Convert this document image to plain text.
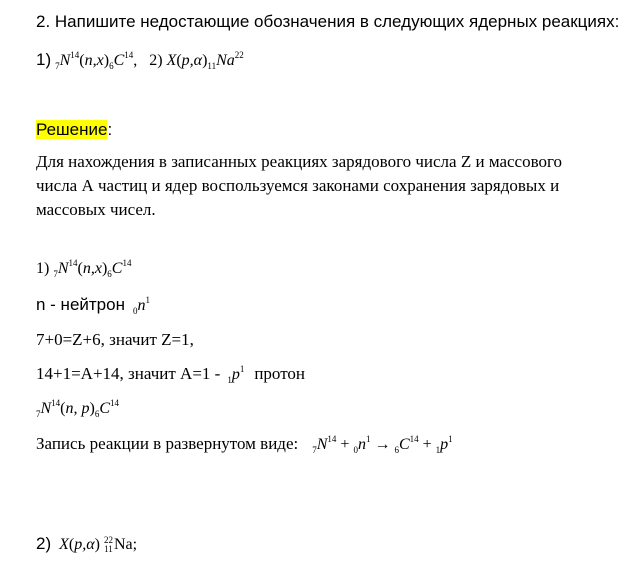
2. Напишите недостающие обозначения в следующих ядерных реакциях:
1) $_7N^{14}(n,x)_6C^{14}$, 2) $X(p,\alpha)_{11}Na^{22}$
Решение:
Для нахождения в записанных реакциях зарядового числа Z и массового числа А частиц и ядер воспользуемся законами сохранения зарядовых и массовых чисел.
1) $_7N^{14}(n,x)_6C^{14}$
n - нейтрон $_0n^1$
7+0=Z+6, значит Z=1,
14+1=А+14, значит $А=1 - _1p^1$ протон
$_7N^{14}(n$, $p)_6C^{14}$
Запись реакции в развернутом виде: $_7N^{14} + _0n^1 \to _6C^{14} + _1p^1$
2) X(p,α) 22
11 Na;
